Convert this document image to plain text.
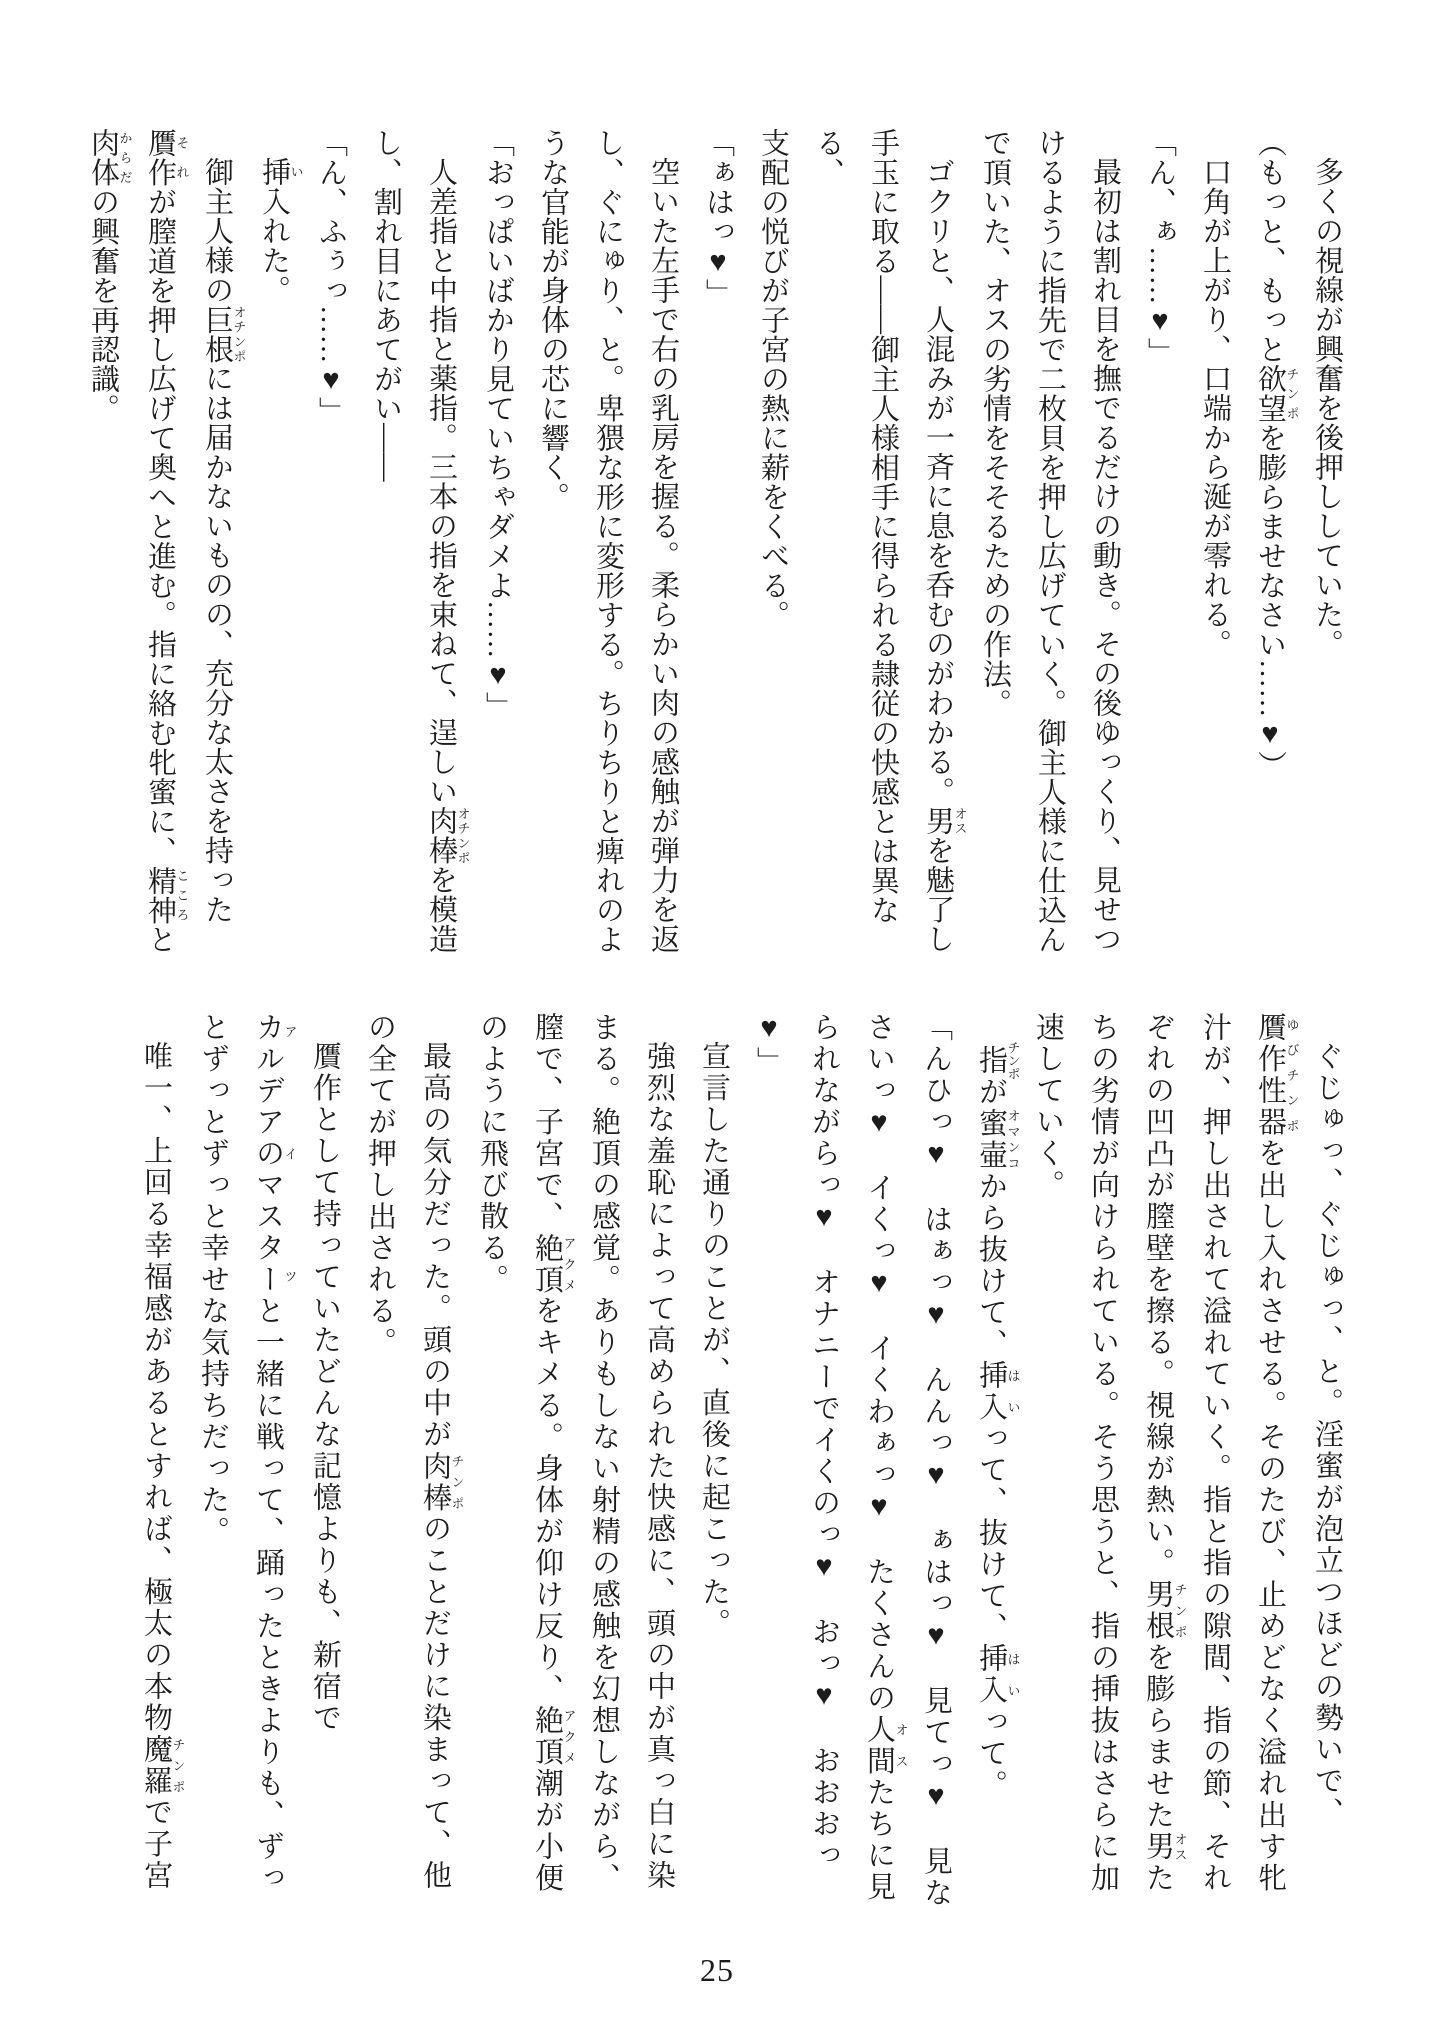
多くの視線が興奮を後押ししていた。

（もっと、もっと欲望チンポを膨らませなさい……♥）

口角が上がり、口端から涎が零れる。

「ん、ぁ……♥」

最初は割れ目を撫でるだけの動き。その後ゆっくり、見せつ

けるように指先で二枚貝を押し広げていく。御主人様に仕込ん

で頂いた、オスの劣情をそそるための作法。

ゴクリと、人混みが一斉に息を呑むのがわかる。男オスを魅了し

手玉に取る――御主人様相手に得られる隷従の快感とは異なる、

支配の悦びが子宮の熱に薪をくべる。

「ぁはっ♥」

空いた左手で右の乳房を握る。柔らかい肉の感触が弾力を返

し、ぐにゅり、と。卑猥な形に変形する。ちりちりと痺れのよ

うな官能が身体の芯に響く。

「おっぱいばかり見ていちゃダメよ……♥」

人差指と中指と薬指。三本の指を束ねて、逞しい肉棒オチンポを模造

し、割れ目にあてがい――

「ん、ふぅっ……♥」

挿い入れた。

御主人様の巨根オチンポには届かないものの、充分な太さを持った

贋作それが膣道を押し広げて奥へと進む。指に絡む牝蜜に、精神こころと

肉体からだの興奮を再認識。

ぐじゅっ、ぐじゅっ、と。淫蜜が泡立つほどの勢いで、

贋作性器ゆびチンポを出し入れさせる。そのたび、止めどなく溢れ出す牝

汁が、押し出されて溢れていく。指と指の隙間、指の節、それ

ぞれの凹凸が膣壁を擦る。視線が熱い。男根チンポを膨らませた男オスた

ちの劣情が向けられている。そう思うと、指の挿抜はさらに加

速していく。

指チンポが蜜壷オマンコから抜けて、挿入はいって、抜けて、挿入はいって。

「んひっ♥　はぁっ♥　んんっ♥　ぁはっ♥　見てっ♥　見な

さいっ♥　イくっ♥　イくわぁっ♥　たくさんの人間オスたちに見

られながらっ♥　オナニーでイくのっ♥　おっ♥　おおおっ

♥」

宣言した通りのことが、直後に起こった。

強烈な羞恥によって高められた快感に、頭の中が真っ白に染

まる。絶頂の感覚。ありもしない射精の感触を幻想しながら、

膣で、子宮で、絶頂アクメをキメる。身体が仰け反り、絶頂アクメ潮が小便

のように飛び散る。

最高の気分だった。頭の中が肉棒チンポのことだけに染まって、他

の全てが押し出される。

贋作として持っていたどんな記憶よりも、新宿で

カルデアのマスターアイツと一緒に戦って、踊ったときよりも、ずっ

とずっとずっと幸せな気持ちだった。

唯一、上回る幸福感があるとすれば、極太の本物魔羅チンポで子宮

25
